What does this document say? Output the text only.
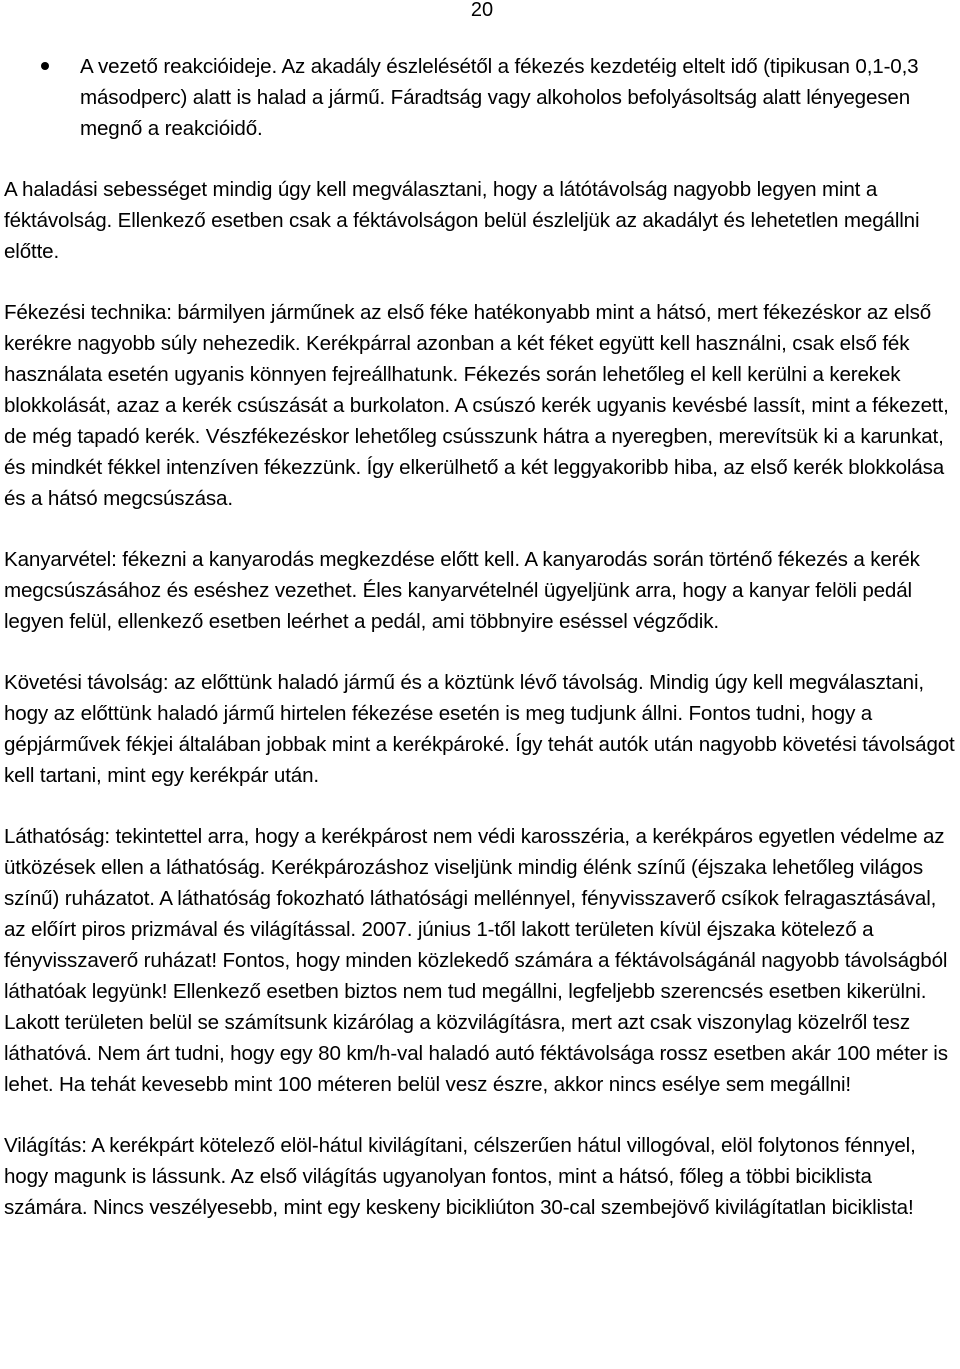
20
A vezető reakcióideje. Az akadály észlelésétől a fékezés kezdetéig eltelt idő (tipikusan 0,1-0,3 másodperc) alatt is halad a jármű. Fáradtság vagy alkoholos befolyásoltság alatt lényegesen megnő a reakcióidő.

A haladási sebességet mindig úgy kell megválasztani, hogy a látótávolság nagyobb legyen mint a féktávolság. Ellenkező esetben csak a féktávolságon belül észleljük az akadályt és lehetetlen megállni előtte.

Fékezési technika: bármilyen járműnek az első féke hatékonyabb mint a hátsó, mert fékezéskor az első kerékre nagyobb súly nehezedik. Kerékpárral azonban a két féket együtt kell használni, csak első fék használata esetén ugyanis könnyen fejreállhatunk. Fékezés során lehetőleg el kell kerülni a kerekek blokkolását, azaz a kerék csúszását a burkolaton. A csúszó kerék ugyanis kevésbé lassít, mint a fékezett, de még tapadó kerék. Vészfékezéskor lehetőleg csússzunk hátra a nyeregben, merevítsük ki a karunkat, és mindkét fékkel intenzíven fékezzünk. Így elkerülhető a két leggyakoribb hiba, az első kerék blokkolása és a hátsó megcsúszása.

Kanyarvétel: fékezni a kanyarodás megkezdése előtt kell. A kanyarodás során történő fékezés a kerék megcsúszásához és eséshez vezethet. Éles kanyarvételnél ügyeljünk arra, hogy a kanyar felöli pedál legyen felül, ellenkező esetben leérhet a pedál, ami többnyire eséssel végződik.

Követési távolság: az előttünk haladó jármű és a köztünk lévő távolság. Mindig úgy kell megválasztani, hogy az előttünk haladó jármű hirtelen fékezése esetén is meg tudjunk állni. Fontos tudni, hogy a gépjárművek fékjei általában jobbak mint a kerékpároké. Így tehát autók után nagyobb követési távolságot kell tartani, mint egy kerékpár után.

Láthatóság: tekintettel arra, hogy a kerékpárost nem védi karosszéria, a kerékpáros egyetlen védelme az ütközések ellen a láthatóság. Kerékpározáshoz viseljünk mindig élénk színű (éjszaka lehetőleg világos színű) ruházatot. A láthatóság fokozható láthatósági mellénnyel, fényvisszaverő csíkok felragasztásával, az előírt piros prizmával és világítással. 2007. június 1-től lakott területen kívül éjszaka kötelező a fényvisszaverő ruházat! Fontos, hogy minden közlekedő számára a féktávolságánál nagyobb távolságból láthatóak legyünk! Ellenkező esetben biztos nem tud megállni, legfeljebb szerencsés esetben kikerülni. Lakott területen belül se számítsunk kizárólag a közvilágításra, mert azt csak viszonylag közelről tesz láthatóvá. Nem árt tudni, hogy egy 80 km/h-val haladó autó féktávolsága rossz esetben akár 100 méter is lehet. Ha tehát kevesebb mint 100 méteren belül vesz észre, akkor nincs esélye sem megállni!

Világítás: A kerékpárt kötelező elöl-hátul kivilágítani, célszerűen hátul villogóval, elöl folytonos fénnyel, hogy magunk is lássunk. Az első világítás ugyanolyan fontos, mint a hátsó, főleg a többi biciklista számára. Nincs veszélyesebb, mint egy keskeny bicikliúton 30-cal szembejövő kivilágítatlan biciklista!
